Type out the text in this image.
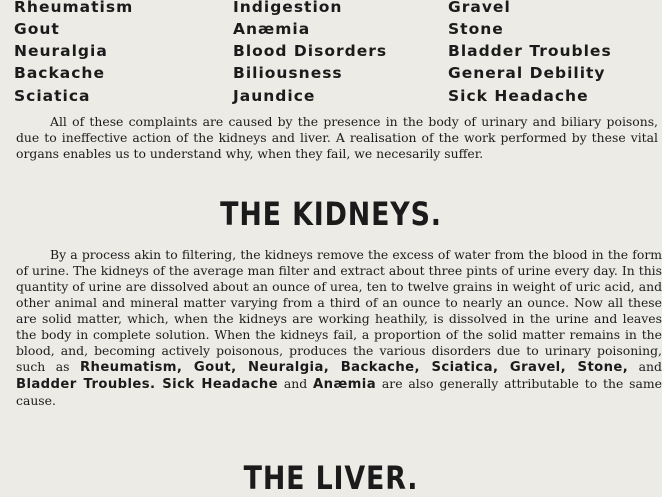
Rheumatism	Indigestion	Gravel
Gout	Anæmia	Stone
Neuralgia	Blood Disorders	Bladder Troubles
Backache	Biliousness	General Debility
Sciatica	Jaundice	Sick Headache

All of these complaints are caused by the presence in the body of urinary and biliary poisons, due to ineffective action of the kidneys and liver. A realisation of the work performed by these vital organs enables us to understand why, when they fail, we necesarily suffer.

THE KIDNEYS.

By a process akin to filtering, the kidneys remove the excess of water from the blood in the form of urine. The kidneys of the average man filter and extract about three pints of urine every day. In this quantity of urine are dissolved about an ounce of urea, ten to twelve grains in weight of uric acid, and other animal and mineral matter varying from a third of an ounce to nearly an ounce. Now all these are solid matter, which, when the kidneys are working heathily, is dissolved in the urine and leaves the body in complete solution. When the kidneys fail, a proportion of the solid matter remains in the blood, and, becoming actively poisonous, produces the various disorders due to urinary poisoning, such as Rheumatism, Gout, Neuralgia, Backache, Sciatica, Gravel, Stone, and Bladder Troubles. Sick Headache and Anæmia are also generally attributable to the same cause.

THE LIVER.
